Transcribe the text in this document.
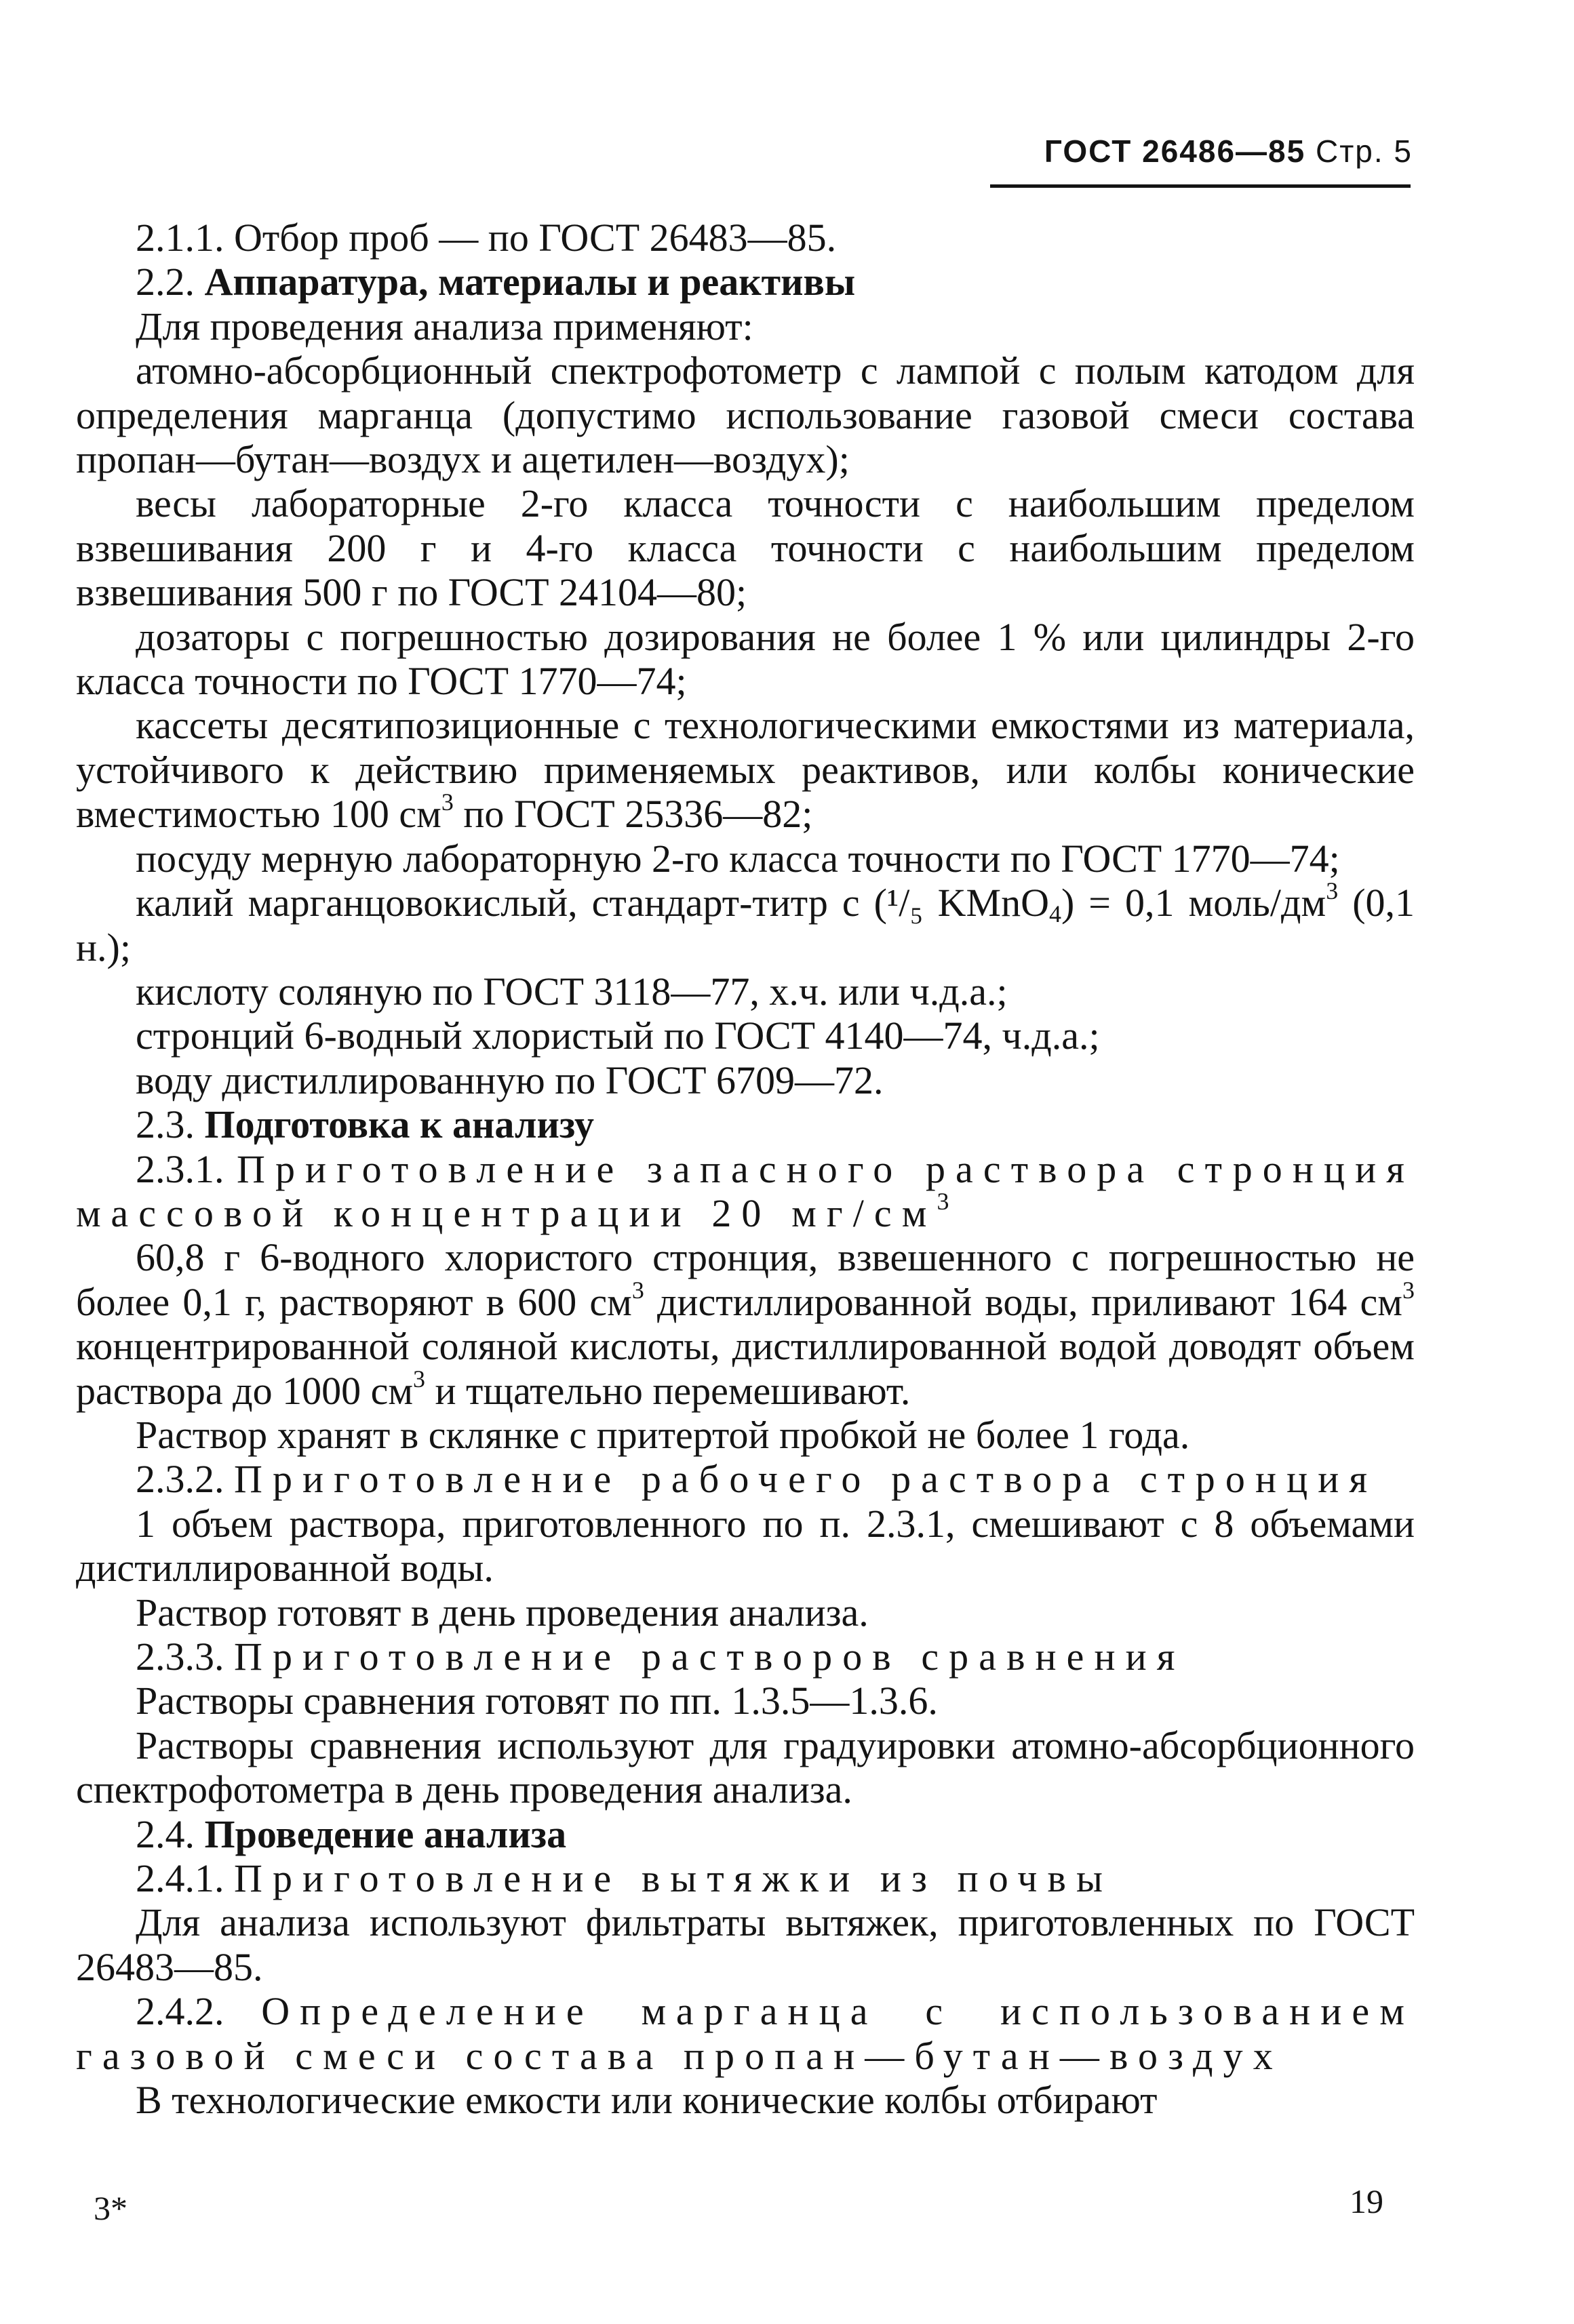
ГОСТ 26486—85 Стр. 5

2.1.1. Отбор проб — по ГОСТ 26483—85.

2.2. Аппаратура, материалы и реактивы

Для проведения анализа применяют:

атомно-абсорбционный спектрофотометр с лампой с полым катодом для определения марганца (допустимо использование газовой смеси состава пропан—бутан—воздух и ацетилен—воздух);

весы лабораторные 2-го класса точности с наибольшим пределом взвешивания 200 г и 4-го класса точности с наибольшим пределом взвешивания 500 г по ГОСТ 24104—80;

дозаторы с погрешностью дозирования не более 1 % или цилиндры 2-го класса точности по ГОСТ 1770—74;

кассеты десятипозиционные с технологическими емкостями из материала, устойчивого к действию применяемых реактивов, или колбы конические вместимостью 100 $см^3$ по ГОСТ 25336—82;

посуду мерную лабораторную 2-го класса точности по ГОСТ 1770—74;

калий марганцовокислый, стандарт-титр с (¹/₅ KMnO$_4$) = 0,1 моль/$дм^3$ (0,1 н.);

кислоту соляную по ГОСТ 3118—77, х.ч. или ч.д.а.;

стронций 6-водный хлористый по ГОСТ 4140—74, ч.д.а.;

воду дистиллированную по ГОСТ 6709—72.

2.3. Подготовка к анализу

2.3.1. Приготовление запасного раствора стронция массовой концентрации 20 $мг/см^3$

60,8 г 6-водного хлористого стронция, взвешенного с погрешностью не более 0,1 г, растворяют в 600 $см^3$ дистиллированной воды, приливают 164 $см^3$ концентрированной соляной кислоты, дистиллированной водой доводят объем раствора до 1000 $см^3$ и тщательно перемешивают.

Раствор хранят в склянке с притертой пробкой не более 1 года.

2.3.2. Приготовление рабочего раствора стронция

1 объем раствора, приготовленного по п. 2.3.1, смешивают с 8 объемами дистиллированной воды.

Раствор готовят в день проведения анализа.

2.3.3. Приготовление растворов сравнения

Растворы сравнения готовят по пп. 1.3.5—1.3.6.

Растворы сравнения используют для градуировки атомно-абсорбционного спектрофотометра в день проведения анализа.

2.4. Проведение анализа

2.4.1. Приготовление вытяжки из почвы

Для анализа используют фильтраты вытяжек, приготовленных по ГОСТ 26483—85.

2.4.2. Определение марганца с использованием газовой смеси состава пропан—бутан—воздух

В технологические емкости или конические колбы отбирают

3*	19
